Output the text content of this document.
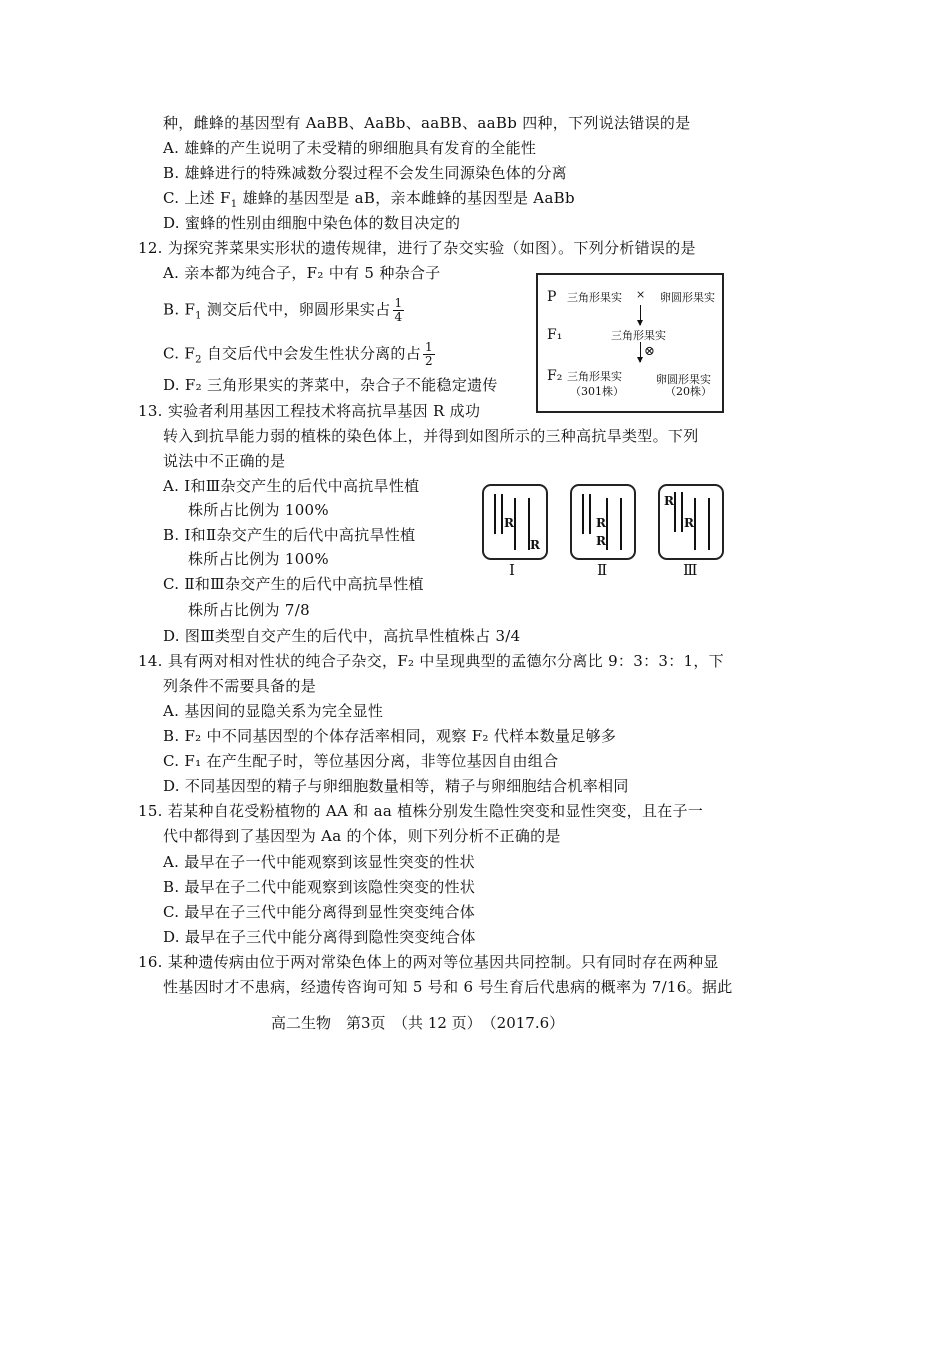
种，雌蜂的基因型有 AaBB、AaBb、aaBB、aaBb 四种，下列说法错误的是
A. 雄蜂的产生说明了未受精的卵细胞具有发育的全能性
B. 雄蜂进行的特殊减数分裂过程不会发生同源染色体的分离
C. 上述 $F_1$ 雄蜂的基因型是 aB，亲本雌蜂的基因型是 AaBb
D. 蜜蜂的性别由细胞中染色体的数目决定的
12. 为探究荠菜果实形状的遗传规律，进行了杂交实验（如图）。下列分析错误的是
A. 亲本都为纯合子，F₂ 中有 5 种杂合子
B. $F_1$ 测交后代中，卵圆形果实占 $\frac{1}{4}$
C. $F_2$ 自交后代中会发生性状分离的占 $\frac{1}{2}$
D. F₂ 三角形果实的荠菜中，杂合子不能稳定遗传
P 三角形果实 × 卵圆形果实
F₁	三角形果实
⊗
F₂ 三角形果实
（301株）
卵圆形果实
（20株）
13. 实验者利用基因工程技术将高抗旱基因 R 成功
转入到抗旱能力弱的植株的染色体上，并得到如图所示的三种高抗旱类型。下列
说法中不正确的是
A. Ⅰ和Ⅲ杂交产生的后代中高抗旱性植
株所占比例为 100%
B. Ⅰ和Ⅱ杂交产生的后代中高抗旱性植
株所占比例为 100%
C. Ⅱ和Ⅲ杂交产生的后代中高抗旱性植
株所占比例为 7/8
D. 图Ⅲ类型自交产生的后代中，高抗旱性植株占 3/4
R
R
Ⅰ
R
R
Ⅱ
R
R
Ⅲ
14. 具有两对相对性状的纯合子杂交，F₂ 中呈现典型的孟德尔分离比 9：3：3：1，下
列条件不需要具备的是
A. 基因间的显隐关系为完全显性
B. F₂ 中不同基因型的个体存活率相同，观察 F₂ 代样本数量足够多
C. F₁ 在产生配子时，等位基因分离，非等位基因自由组合
D. 不同基因型的精子与卵细胞数量相等，精子与卵细胞结合机率相同
15. 若某种自花受粉植物的 AA 和 aa 植株分别发生隐性突变和显性突变，且在子一
代中都得到了基因型为 Aa 的个体，则下列分析不正确的是
A. 最早在子一代中能观察到该显性突变的性状
B. 最早在子二代中能观察到该隐性突变的性状
C. 最早在子三代中能分离得到显性突变纯合体
D. 最早在子三代中能分离得到隐性突变纯合体
16. 某种遗传病由位于两对常染色体上的两对等位基因共同控制。只有同时存在两种显
性基因时才不患病，经遗传咨询可知 5 号和 6 号生育后代患病的概率为 7/16。据此
高二生物　第3页　（共 12 页）　（2017.6）
